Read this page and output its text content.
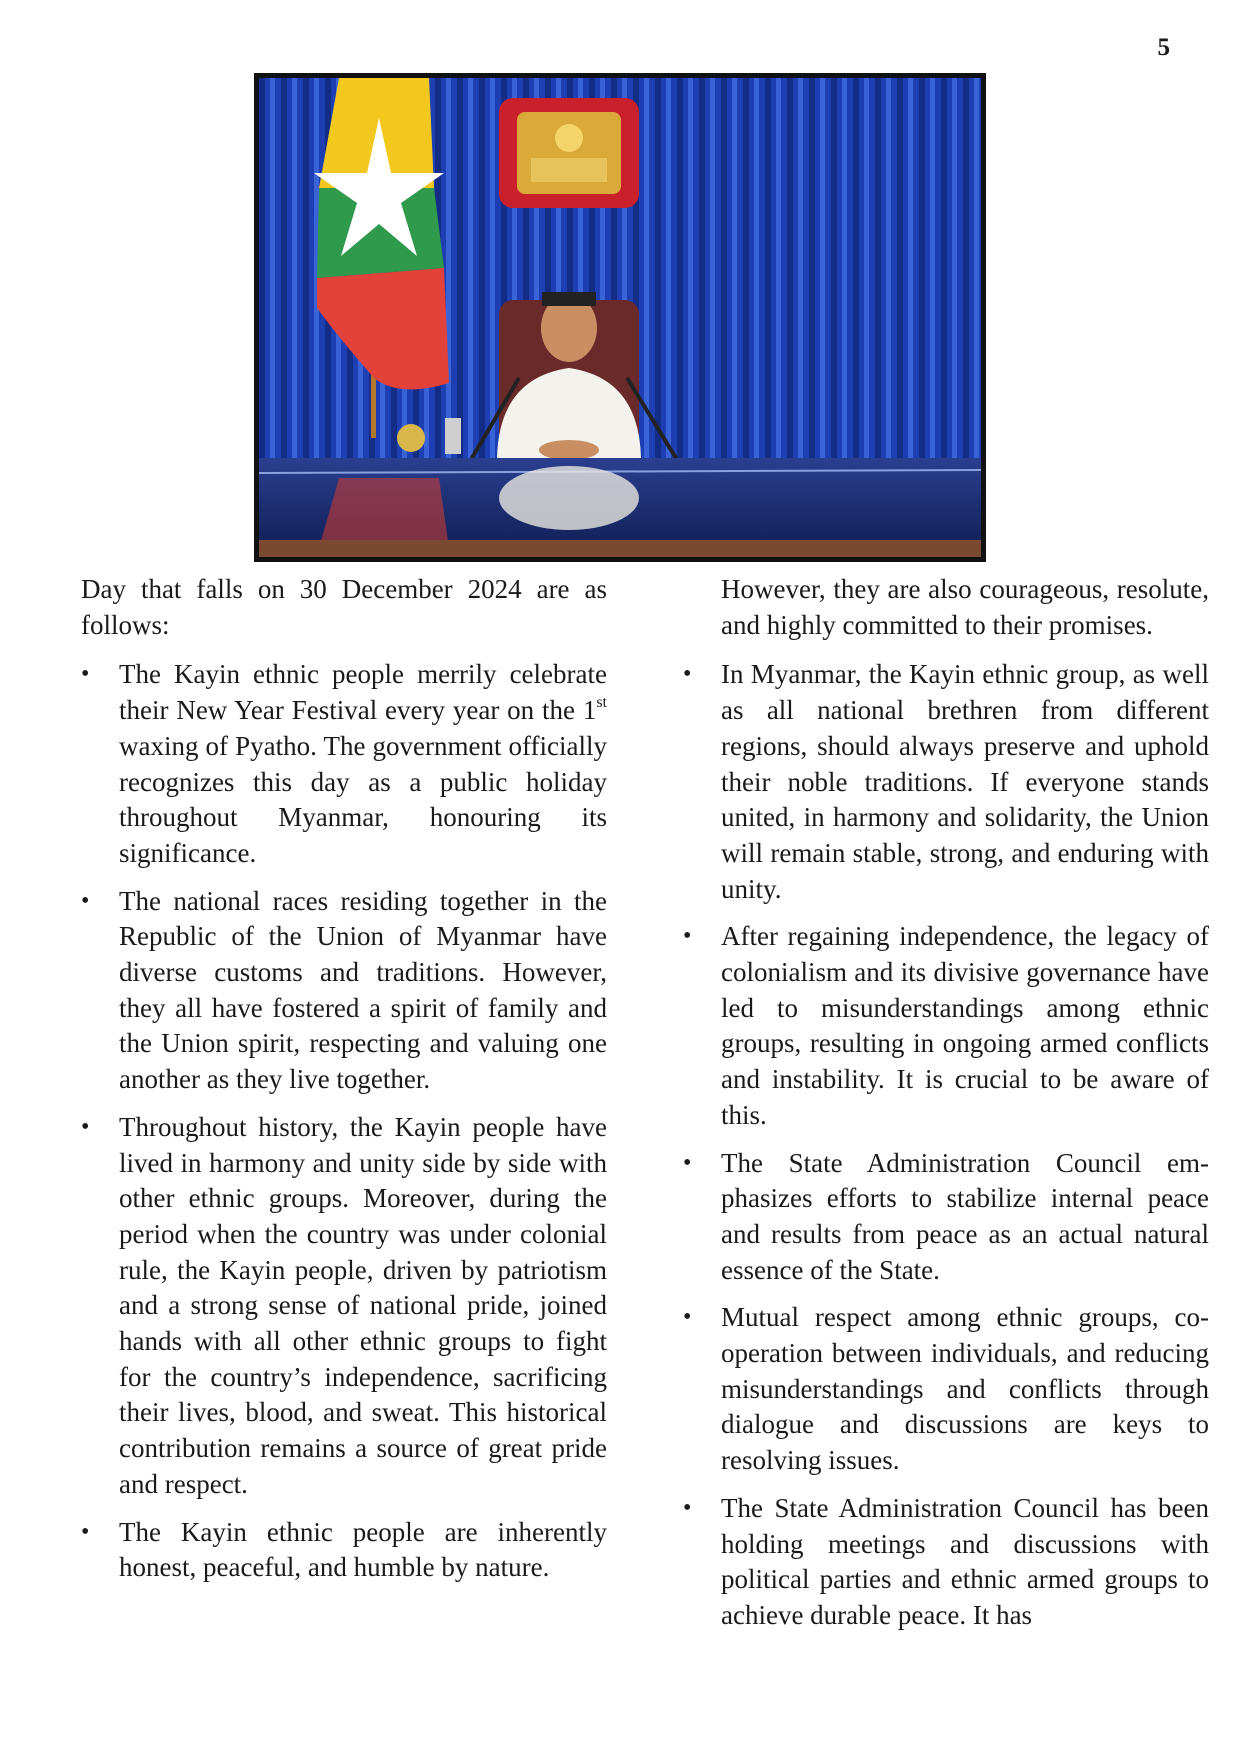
5

Day that falls on 30 December 2024 are as follows:

• The Kayin ethnic people merrily celebrate their New Year Festival every year on the 1st waxing of Pyatho. The government officially recognizes this day as a public holiday throughout Myanmar, honouring its significance.
• The national races residing together in the Republic of the Union of Myanmar have diverse customs and traditions. However, they all have fostered a spirit of family and the Union spirit, respecting and valuing one another as they live together.
• Throughout history, the Kayin people have lived in harmony and unity side by side with other ethnic groups. Moreover, during the period when the country was under colonial rule, the Kayin people, driven by patriotism and a strong sense of national pride, joined hands with all other ethnic groups to fight for the country’s independence, sacrificing their lives, blood, and sweat. This historical contribution remains a source of great pride and respect.
• The Kayin ethnic people are inherently honest, peaceful, and humble by nature.

However, they are also courageous, resolute, and highly committed to their promises.

• In Myanmar, the Kayin ethnic group, as well as all national brethren from different regions, should always preserve and uphold their noble traditions. If everyone stands united, in harmony and solidarity, the Union will remain stable, strong, and enduring with unity.
• After regaining independence, the legacy of colonialism and its divisive governance have led to misunderstandings among ethnic groups, resulting in ongoing armed conflicts and instability. It is crucial to be aware of this.
• The State Administration Council emphasizes efforts to stabilize internal peace and results from peace as an actual natural essence of the State.
• Mutual respect among ethnic groups, cooperation between individuals, and reducing misunderstandings and conflicts through dialogue and discussions are keys to resolving issues.
• The State Administration Council has been holding meetings and discussions with political parties and ethnic armed groups to achieve durable peace. It has
